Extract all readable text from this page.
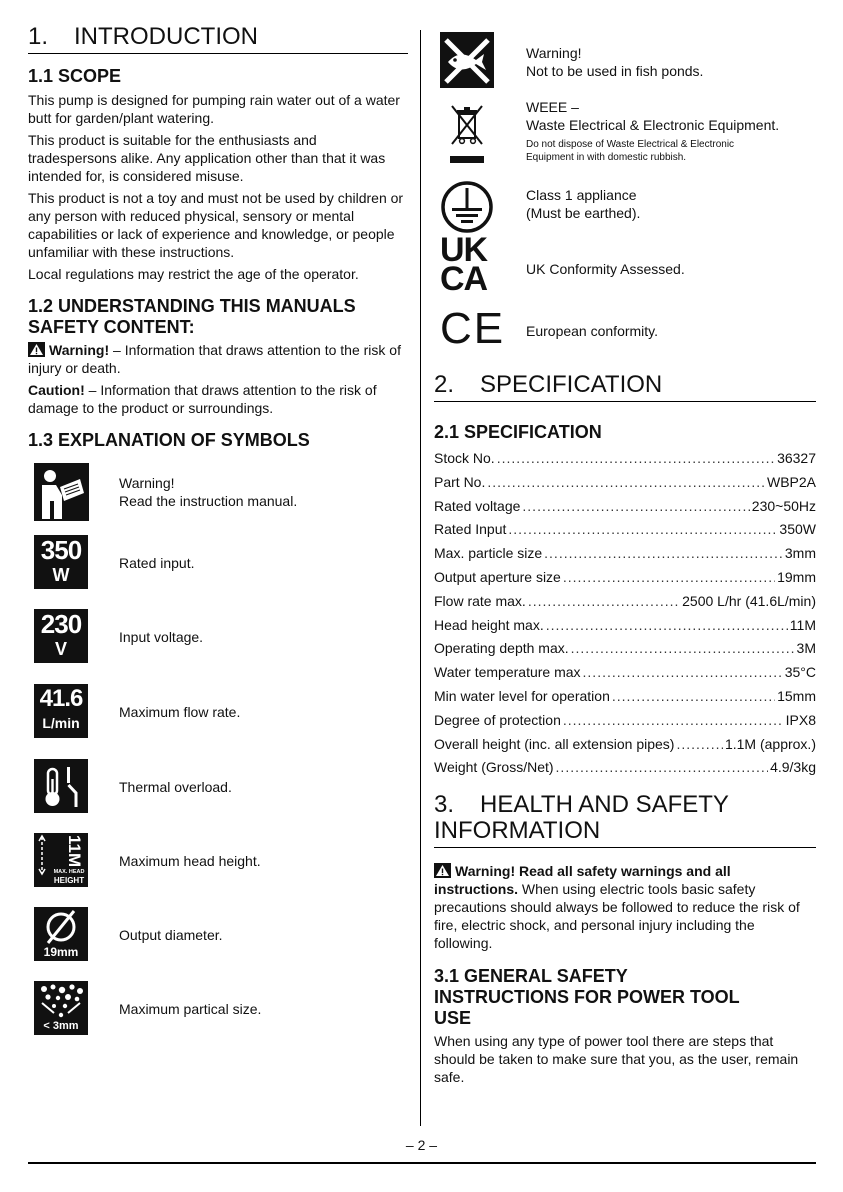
1. INTRODUCTION
1.1 SCOPE

This pump is designed for pumping rain water out of a water butt for garden/plant watering.

This product is suitable for the enthusiasts and tradespersons alike. Any application other than that it was intended for, is considered misuse.

This product is not a toy and must not be used by children or any person with reduced physical, sensory or mental capabilities or lack of experience and knowledge, or people unfamiliar with these instructions.

Local regulations may restrict the age of the operator.

1.2 UNDERSTANDING THIS MANUALS
SAFETY CONTENT:

Warning! – Information that draws attention to the risk of injury or death.

Caution! – Information that draws attention to the risk of damage to the product or surroundings.

1.3 EXPLANATION OF SYMBOLS
Warning!
Read the instruction manual.
350
W
Rated input.
230
V
Input voltage.
41.6
L/min
Maximum flow rate.
Thermal overload.
11M
MAX. HEAD
HEIGHT
Maximum head height.
19mm
Output diameter.
< 3mm
Maximum partical size.
Warning!
Not to be used in fish ponds.
WEEE –
Waste Electrical & Electronic Equipment.
Do not dispose of Waste Electrical & Electronic
Equipment in with domestic rubbish.
Class 1 appliance
(Must be earthed).
UK
CA	UK Conformity Assessed.
CE European conformity.
2. SPECIFICATION
2.1 SPECIFICATION
Stock No. .....	36327
Part No. .....	WBP2A
Rated voltage .....	230~50Hz
Rated Input .....	350W
Max. particle size .....	3mm
Output aperture size .....	19mm
Flow rate max. .....	2500 L/hr (41.6L/min)
Head height max. .....	11M
Operating depth max. .....	3M
Water temperature max .....	35°C
Min water level for operation .....	15mm
Degree of protection .....	IPX8
Overall height (inc. all extension pipes) .....	1.1M (approx.)
Weight (Gross/Net) .....	4.9/3kg
3. HEALTH AND SAFETY
INFORMATION

Warning! Read all safety warnings and all instructions. When using electric tools basic safety precautions should always be followed to reduce the risk of fire, electric shock, and personal injury including the following.

3.1 GENERAL SAFETY
INSTRUCTIONS FOR POWER TOOL
USE

When using any type of power tool there are steps that should be taken to make sure that you, as the user, remain safe.

– 2 –
